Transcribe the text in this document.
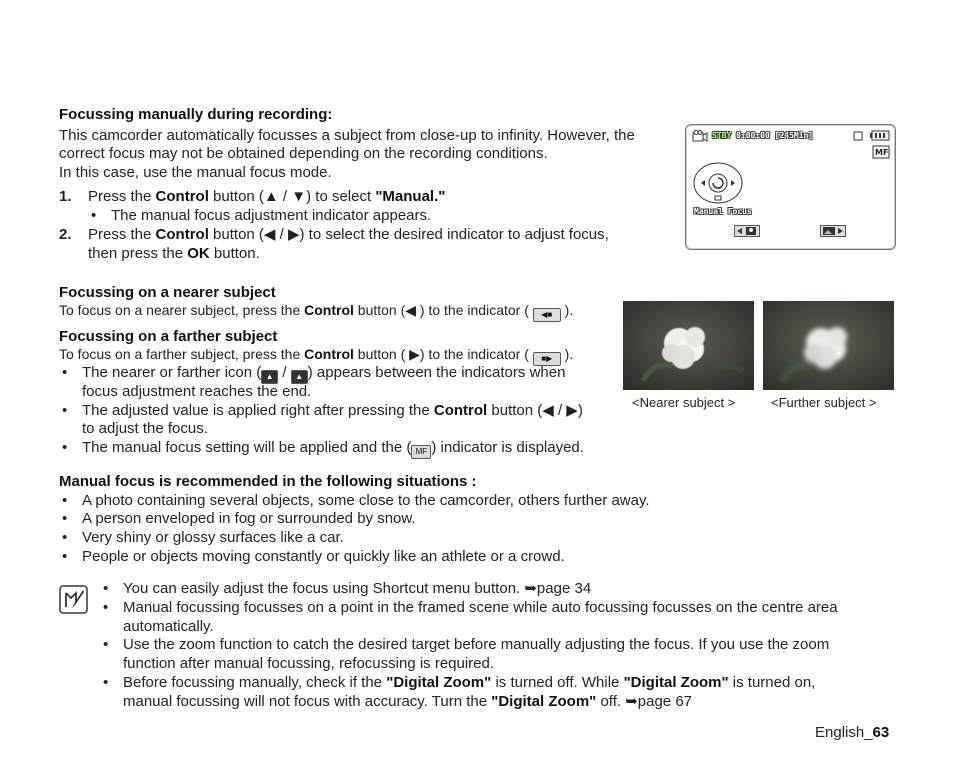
Focussing manually during recording:
This camcorder automatically focusses a subject from close-up to infinity. However, the
correct focus may not be obtained depending on the recording conditions.
In this case, use the manual focus mode.
1. Press the Control button (▲ / ▼) to select "Manual."
• The manual focus adjustment indicator appears.
2. Press the Control button (◀ / ▶) to select the desired indicator to adjust focus,
then press the OK button.
STBY 0:00:00 [245Min]
MF
Manual Focus
Focussing on a nearer subject
To focus on a nearer subject, press the Control button (◀ ) to the indicator ( ◀■ ).
Focussing on a farther subject
To focus on a farther subject, press the Control button ( ▶) to the indicator ( ■▶ ).
• The nearer or farther icon ( ▲ / ▲ ) appears between the indicators when
focus adjustment reaches the end.
• The adjusted value is applied right after pressing the Control button (◀ / ▶)
to adjust the focus.
• The manual focus setting will be applied and the ( MF ) indicator is displayed.
<Nearer subject >	<Further subject >
Manual focus is recommended in the following situations :
• A photo containing several objects, some close to the camcorder, others further away.
• A person enveloped in fog or surrounded by snow.
• Very shiny or glossy surfaces like a car.
• People or objects moving constantly or quickly like an athlete or a crowd.
• You can easily adjust the focus using Shortcut menu button. ➥page 34
• Manual focussing focusses on a point in the framed scene while auto focussing focusses on the centre area
automatically.
• Use the zoom function to catch the desired target before manually adjusting the focus. If you use the zoom
function after manual focussing, refocussing is required.
• Before focussing manually, check if the "Digital Zoom" is turned off. While "Digital Zoom" is turned on,
manual focussing will not focus with accuracy. Turn the "Digital Zoom" off. ➥page 67
English_63
